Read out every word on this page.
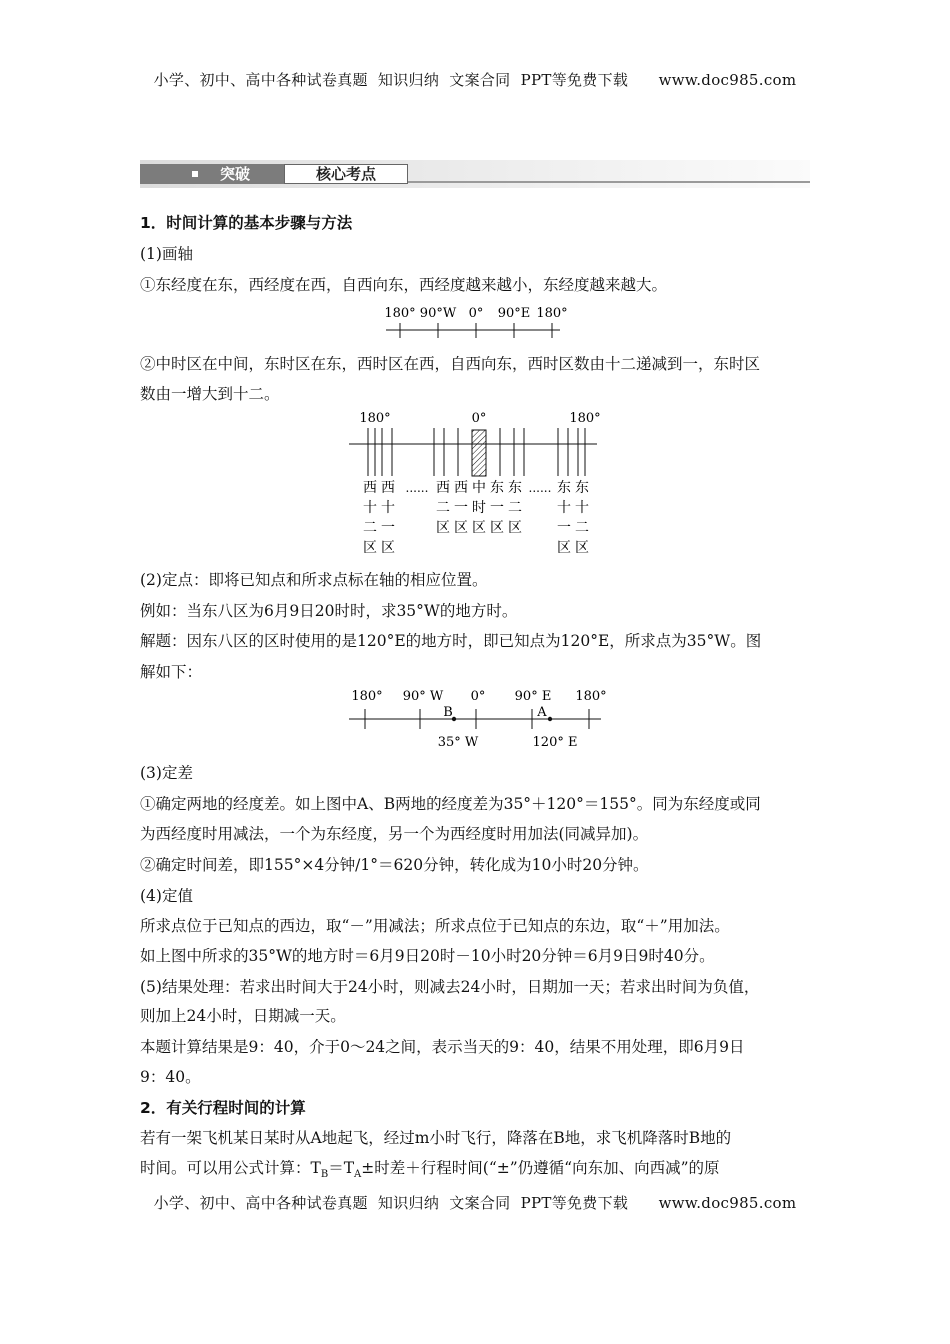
小学、初中、高中各种试卷真题  知识归纳  文案合同  PPT等免费下载      www.doc985.com
突破	核心考点
1．时间计算的基本步骤与方法
(1)画轴
①东经度在东，西经度在西，自西向东，西经度越来越小，东经度越来越大。
180° 90°W 0° 90°E 180°
②中时区在中间，东时区在东，西时区在西，自西向东，西时区数由十二递减到一，东时区
数由一增大到十二。
180°	0°	180°
......	......
西
十
二
区
西
十
一
区
西
二
区
西
一
区
中
时
区
东
一
区
东
二
区
东
十
一
区
东
十
二
区
(2)定点：即将已知点和所求点标在轴的相应位置。
例如：当东八区为6月9日20时时，求35°W的地方时。
解题：因东八区的区时使用的是120°E的地方时，即已知点为120°E，所求点为35°W。图
解如下：
180° 90° W 0° 90° E 180°
B	A
35° W	120° E
(3)定差
①确定两地的经度差。如上图中A、B两地的经度差为35°＋120°＝155°。同为东经度或同
为西经度时用减法，一个为东经度，另一个为西经度时用加法(同减异加)。
②确定时间差，即155°×4分钟/1°＝620分钟，转化成为10小时20分钟。
(4)定值
所求点位于已知点的西边，取“－”用减法；所求点位于已知点的东边，取“＋”用加法。
如上图中所求的35°W的地方时＝6月9日20时－10小时20分钟＝6月9日9时40分。
(5)结果处理：若求出时间大于24小时，则减去24小时，日期加一天；若求出时间为负值，
则加上24小时，日期减一天。
本题计算结果是9：40，介于0～24之间，表示当天的9：40，结果不用处理，即6月9日
9：40。
2．有关行程时间的计算
若有一架飞机某日某时从A地起飞，经过m小时飞行，降落在B地，求飞机降落时B地的
时间。可以用公式计算：$T_B=T_A\pm$时差＋行程时间(“±”仍遵循“向东加、向西减”的原
小学、初中、高中各种试卷真题  知识归纳  文案合同  PPT等免费下载      www.doc985.com
